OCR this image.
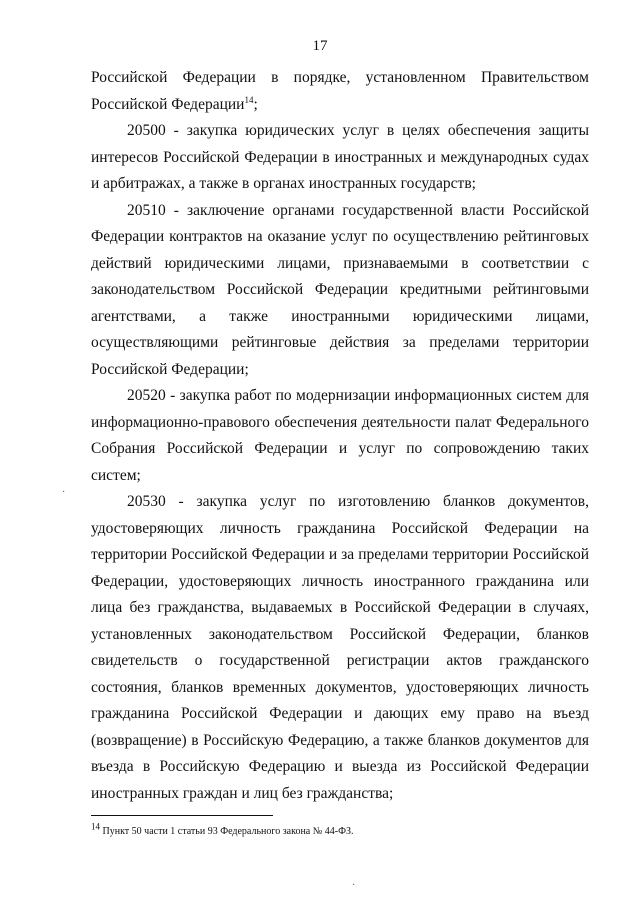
17

Российской Федерации в порядке, установленном Правительством Российской Федерации$^{14}$;

20500 - закупка юридических услуг в целях обеспечения защиты интересов Российской Федерации в иностранных и международных судах и арбитражах, а также в органах иностранных государств;

20510 - заключение органами государственной власти Российской Федерации контрактов на оказание услуг по осуществлению рейтинговых действий юридическими лицами, признаваемыми в соответствии с законодательством Российской Федерации кредитными рейтинговыми агентствами, а также иностранными юридическими лицами, осуществляющими рейтинговые действия за пределами территории Российской Федерации;

20520 - закупка работ по модернизации информационных систем для информационно-правового обеспечения деятельности палат Федерального Собрания Российской Федерации и услуг по сопровождению таких систем;

20530 - закупка услуг по изготовлению бланков документов, удостоверяющих личность гражданина Российской Федерации на территории Российской Федерации и за пределами территории Российской Федерации, удостоверяющих личность иностранного гражданина или лица без гражданства, выдаваемых в Российской Федерации в случаях, установленных законодательством Российской Федерации, бланков свидетельств о государственной регистрации актов гражданского состояния, бланков временных документов, удостоверяющих личность гражданина Российской Федерации и дающих ему право на въезд (возвращение) в Российскую Федерацию, а также бланков документов для въезда в Российскую Федерацию и выезда из Российской Федерации иностранных граждан и лиц без гражданства;

$^{14}$ Пункт 50 части 1 статьи 93 Федерального закона № 44-ФЗ.
·
·
